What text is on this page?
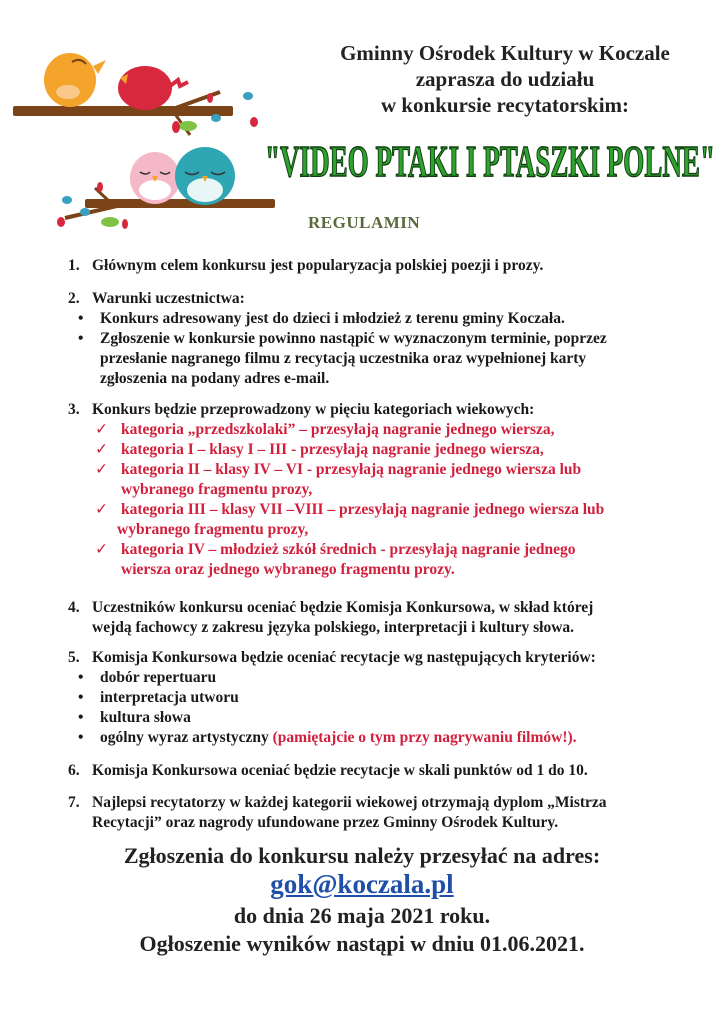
Gminny Ośrodek Kultury w Koczale
zaprasza do udziału
w konkursie recytatorskim:
"VIDEO PTAKI I PTASZKI POLNE"
REGULAMIN
1. Głównym celem konkursu jest popularyzacja polskiej poezji i prozy.
2. Warunki uczestnictwa:
• Konkurs adresowany jest do dzieci i młodzież z terenu gminy Koczała.
• Zgłoszenie w konkursie powinno nastąpić w wyznaczonym terminie, poprzez
przesłanie nagranego filmu z recytacją uczestnika oraz wypełnionej karty
zgłoszenia na podany adres e-mail.
3. Konkurs będzie przeprowadzony w pięciu kategoriach wiekowych:
✓ kategoria „przedszkolaki” – przesyłają nagranie jednego wiersza,
✓ kategoria I – klasy I – III - przesyłają nagranie jednego wiersza,
✓ kategoria II – klasy IV – VI - przesyłają nagranie jednego wiersza lub
wybranego fragmentu prozy,
✓ kategoria III – klasy VII –VIII – przesyłają nagranie jednego wiersza lub
wybranego fragmentu prozy,
✓ kategoria IV – młodzież szkół średnich - przesyłają nagranie jednego
wiersza oraz jednego wybranego fragmentu prozy.
4. Uczestników konkursu oceniać będzie Komisja Konkursowa, w skład której
wejdą fachowcy z zakresu języka polskiego, interpretacji i kultury słowa.
5. Komisja Konkursowa będzie oceniać recytacje wg następujących kryteriów:
• dobór repertuaru
• interpretacja utworu
• kultura słowa
• ogólny wyraz artystyczny (pamiętajcie o tym przy nagrywaniu filmów!).
6. Komisja Konkursowa oceniać będzie recytacje w skali punktów od 1 do 10.
7. Najlepsi recytatorzy w każdej kategorii wiekowej otrzymają dyplom „Mistrza
Recytacji” oraz nagrody ufundowane przez Gminny Ośrodek Kultury.
Zgłoszenia do konkursu należy przesyłać na adres:
gok@koczala.pl
do dnia 26 maja 2021 roku.
Ogłoszenie wyników nastąpi w dniu 01.06.2021.
